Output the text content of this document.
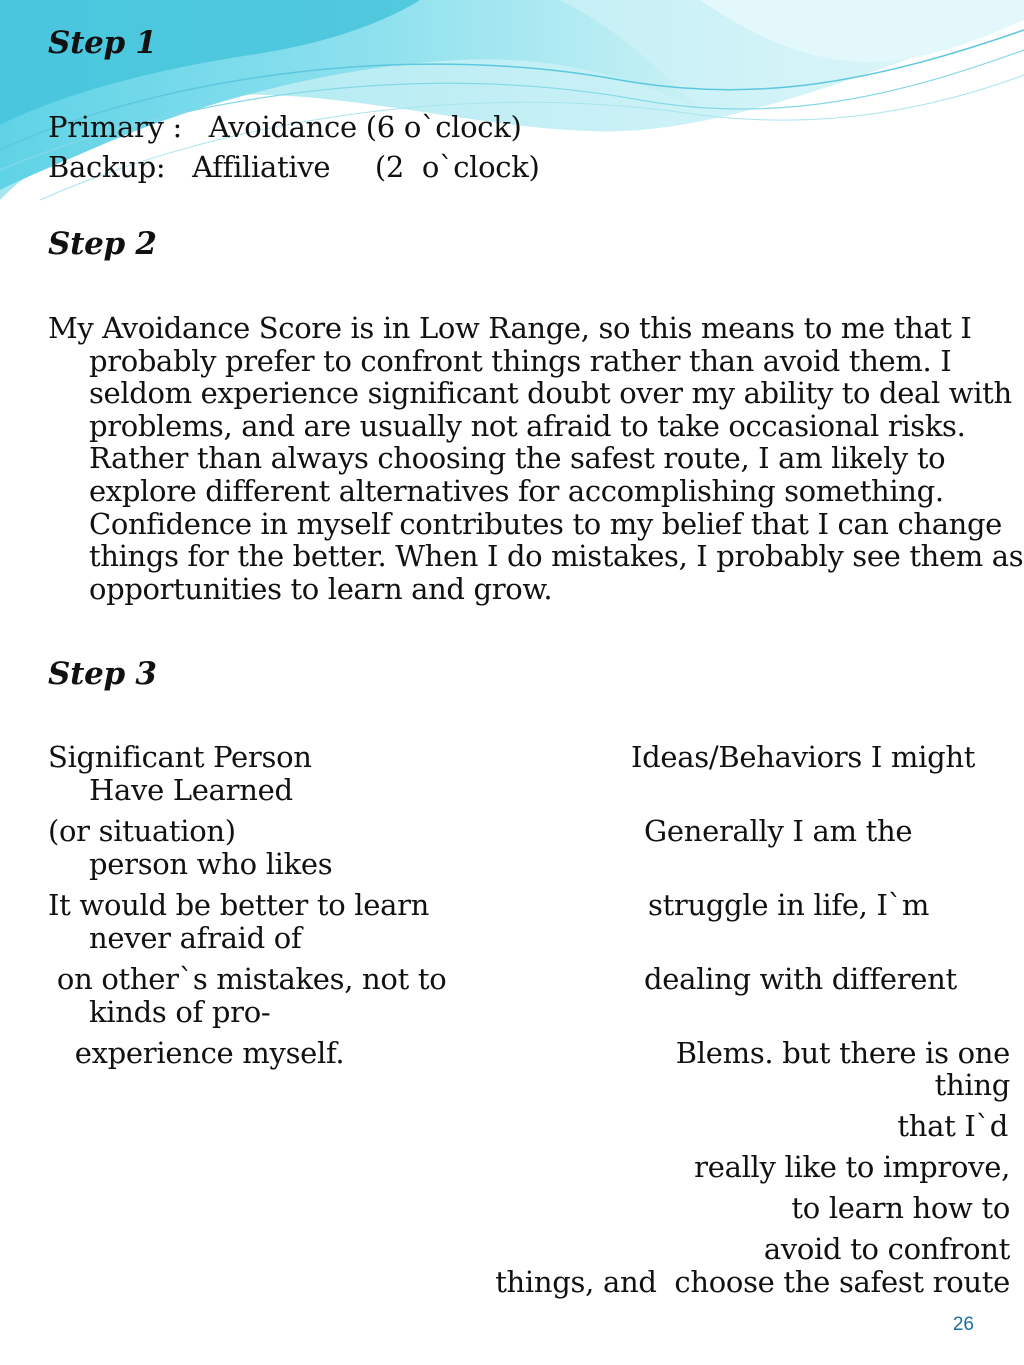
Step 1

Primary :   Avoidance (6 o`clock)

Backup:   Affiliative     (2  o`clock)

Step 2

My Avoidance Score is in Low Range, so this means to me that I probably prefer to confront things rather than avoid them. I seldom experience significant doubt over my ability to deal with problems, and are usually not afraid to take occasional risks. Rather than always choosing the safest route, I am likely to explore different alternatives for accomplishing something. Confidence in myself contributes to my belief that I can change things for the better. When I do mistakes, I probably see them as opportunities to learn and grow.

Step 3

Significant Person

(or situation)

It would be better to learn

on other`s mistakes, not to

experience myself.

Ideas/Behaviors I might

Generally I am the

struggle in life, I`m

dealing with different

Have Learned

person who likes

never afraid of

kinds of pro-

Blems. but there is one

thing

that I`d

really like to improve,

to learn how to

avoid to confront

things, and  choose the safest route

26
